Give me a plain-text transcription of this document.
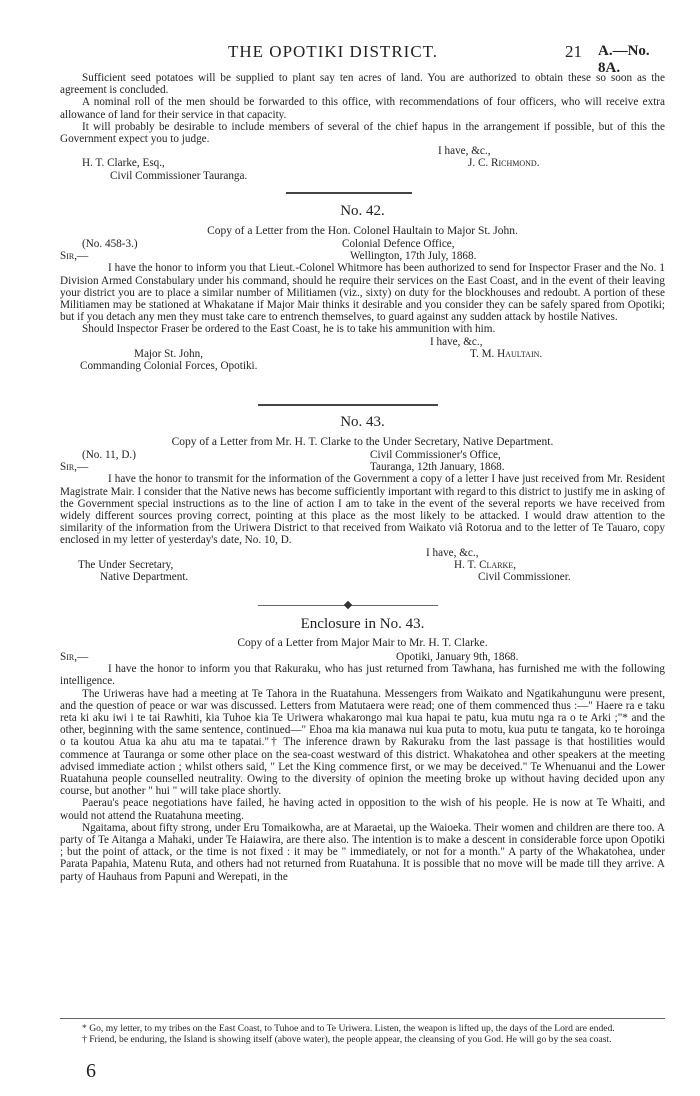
THE OPOTIKI DISTRICT.	21 A.—No. 8A.

Sufficient seed potatoes will be supplied to plant say ten acres of land. You are authorized to obtain these so soon as the agreement is concluded.

A nominal roll of the men should be forwarded to this office, with recommendations of four officers, who will receive extra allowance of land for their service in that capacity.

It will probably be desirable to include members of several of the chief hapus in the arrangement if possible, but of this the Government expect you to judge.

I have, &c.,
H. T. Clarke, Esq.,	J. C. Richmond.
Civil Commissioner Tauranga.
No. 42.
Copy of a Letter from the Hon. Colonel Haultain to Major St. John.
(No. 458-3.)	Colonial Defence Office,
Sir,—	Wellington, 17th July, 1868.

I have the honor to inform you that Lieut.-Colonel Whitmore has been authorized to send for Inspector Fraser and the No. 1 Division Armed Constabulary under his command, should he require their services on the East Coast, and in the event of their leaving your district you are to place a similar number of Militiamen (viz., sixty) on duty for the blockhouses and redoubt. A portion of these Militiamen may be stationed at Whakatane if Major Mair thinks it desirable and you consider they can be safely spared from Opotiki; but if you detach any men they must take care to entrench themselves, to guard against any sudden attack by hostile Natives.

Should Inspector Fraser be ordered to the East Coast, he is to take his ammunition with him.

I have, &c.,
Major St. John,	T. M. Haultain.
Commanding Colonial Forces, Opotiki.
No. 43.
Copy of a Letter from Mr. H. T. Clarke to the Under Secretary, Native Department.
(No. 11, D.)	Civil Commissioner's Office,
Sir,—	Tauranga, 12th January, 1868.

I have the honor to transmit for the information of the Government a copy of a letter I have just received from Mr. Resident Magistrate Mair. I consider that the Native news has become sufficiently important with regard to this district to justify me in asking of the Government special instructions as to the line of action I am to take in the event of the several reports we have received from widely different sources proving correct, pointing at this place as the most likely to be attacked. I would draw attention to the similarity of the information from the Uriwera District to that received from Waikato viâ Rotorua and to the letter of Te Tauaro, copy enclosed in my letter of yesterday's date, No. 10, D.

I have, &c.,
The Under Secretary,	H. T. Clarke,
Native Department.	Civil Commissioner.
Enclosure in No. 43.
Copy of a Letter from Major Mair to Mr. H. T. Clarke.
Sir,—	Opotiki, January 9th, 1868.

I have the honor to inform you that Rakuraku, who has just returned from Tawhana, has furnished me with the following intelligence.

The Uriweras have had a meeting at Te Tahora in the Ruatahuna. Messengers from Waikato and Ngatikahungunu were present, and the question of peace or war was discussed. Letters from Matutaera were read; one of them commenced thus :—" Haere ra e taku reta ki aku iwi i te tai Rawhiti, kia Tuhoe kia Te Uriwera whakarongo mai kua hapai te patu, kua mutu nga ra o te Arki ;"* and the other, beginning with the same sentence, continued—" Ehoa ma kia manawa nui kua puta to motu, kua putu te tangata, ko te horoinga o ta koutou Atua ka ahu atu ma te tapatai."† The inference drawn by Rakuraku from the last passage is that hostilities would commence at Tauranga or some other place on the sea-coast westward of this district. Whakatohea and other speakers at the meeting advised immediate action ; whilst others said, " Let the King commence first, or we may be deceived." Te Whenuanui and the Lower Ruatahuna people counselled neutrality. Owing to the diversity of opinion the meeting broke up without having decided upon any course, but another " hui " will take place shortly.

Paerau's peace negotiations have failed, he having acted in opposition to the wish of his people. He is now at Te Whaiti, and would not attend the Ruatahuna meeting.

Ngaitama, about fifty strong, under Eru Tomaikowha, are at Maraetai, up the Waioeka. Their women and children are there too. A party of Te Aitanga a Mahaki, under Te Haiawira, are there also. The intention is to make a descent in considerable force upon Opotiki ; but the point of attack, or the time is not fixed : it may be " immediately, or not for a month." A party of the Whakatohea, under Parata Papahia, Matenu Ruta, and others had not returned from Ruatahuna. It is possible that no move will be made till they arrive. A party of Hauhaus from Papuni and Werepati, in the

* Go, my letter, to my tribes on the East Coast, to Tuhoe and to Te Uriwera. Listen, the weapon is lifted up, the days of the Lord are ended.

† Friend, be enduring, the Island is showing itself (above water), the people appear, the cleansing of you God. He will go by the sea coast.

6
